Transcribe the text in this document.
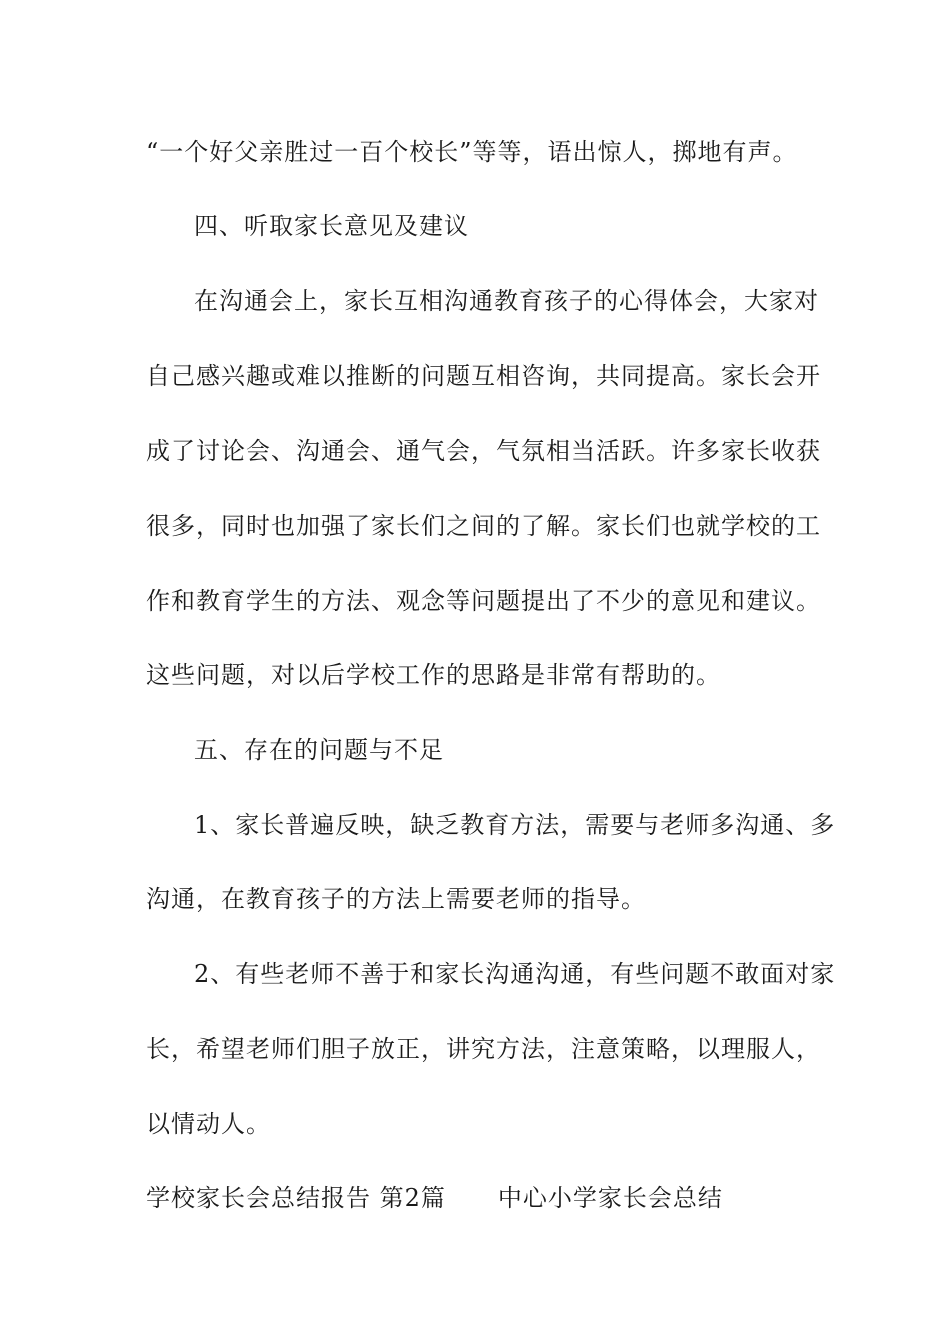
“一个好父亲胜过一百个校长”等等，语出惊人，掷地有声。
四、听取家长意见及建议
在沟通会上，家长互相沟通教育孩子的心得体会，大家对
自己感兴趣或难以推断的问题互相咨询，共同提高。家长会开
成了讨论会、沟通会、通气会，气氛相当活跃。许多家长收获
很多，同时也加强了家长们之间的了解。家长们也就学校的工
作和教育学生的方法、观念等问题提出了不少的意见和建议。
这些问题，对以后学校工作的思路是非常有帮助的。
五、存在的问题与不足
1、家长普遍反映，缺乏教育方法，需要与老师多沟通、多
沟通，在教育孩子的方法上需要老师的指导。
2、有些老师不善于和家长沟通沟通，有些问题不敢面对家
长，希望老师们胆子放正，讲究方法，注意策略，以理服人，
以情动人。
学校家长会总结报告 第2篇 中心小学家长会总结
